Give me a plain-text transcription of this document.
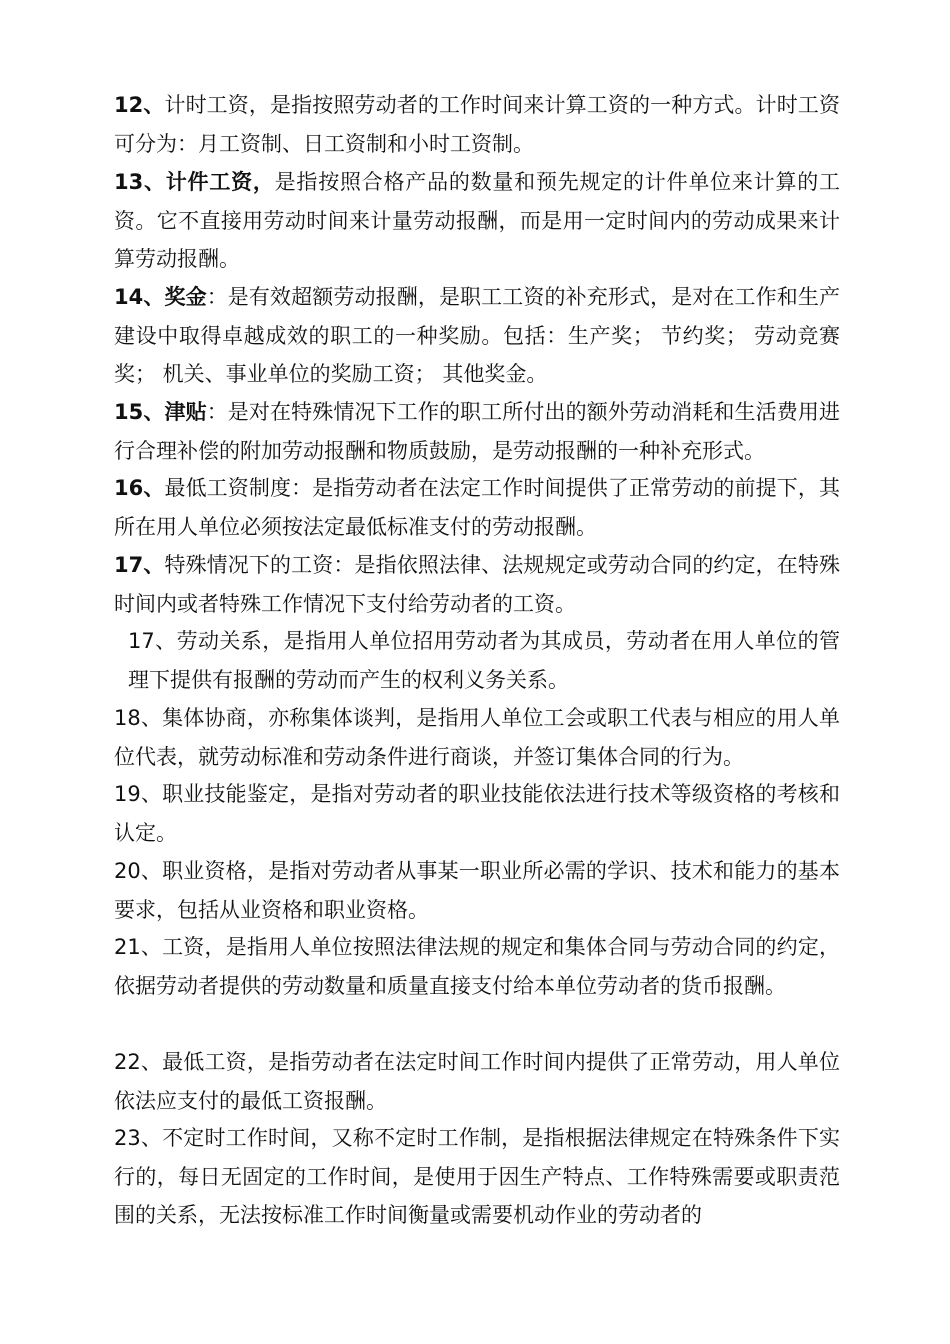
12、计时工资，是指按照劳动者的工作时间来计算工资的一种方式。计时工资可分为：月工资制、日工资制和小时工资制。

13、计件工资，是指按照合格产品的数量和预先规定的计件单位来计算的工资。它不直接用劳动时间来计量劳动报酬，而是用一定时间内的劳动成果来计算劳动报酬。

14、奖金：是有效超额劳动报酬，是职工工资的补充形式，是对在工作和生产建设中取得卓越成效的职工的一种奖励。包括：生产奖； 节约奖； 劳动竞赛奖； 机关、事业单位的奖励工资； 其他奖金。

15、津贴：是对在特殊情况下工作的职工所付出的额外劳动消耗和生活费用进行合理补偿的附加劳动报酬和物质鼓励，是劳动报酬的一种补充形式。

16、最低工资制度：是指劳动者在法定工作时间提供了正常劳动的前提下，其所在用人单位必须按法定最低标准支付的劳动报酬。

17、特殊情况下的工资：是指依照法律、法规规定或劳动合同的约定，在特殊时间内或者特殊工作情况下支付给劳动者的工资。

17、劳动关系，是指用人单位招用劳动者为其成员，劳动者在用人单位的管理下提供有报酬的劳动而产生的权利义务关系。

18、集体协商，亦称集体谈判，是指用人单位工会或职工代表与相应的用人单位代表，就劳动标准和劳动条件进行商谈，并签订集体合同的行为。

19、职业技能鉴定，是指对劳动者的职业技能依法进行技术等级资格的考核和认定。

20、职业资格，是指对劳动者从事某一职业所必需的学识、技术和能力的基本要求，包括从业资格和职业资格。

21、工资，是指用人单位按照法律法规的规定和集体合同与劳动合同的约定，依据劳动者提供的劳动数量和质量直接支付给本单位劳动者的货币报酬。

22、最低工资，是指劳动者在法定时间工作时间内提供了正常劳动，用人单位依法应支付的最低工资报酬。

23、不定时工作时间，又称不定时工作制，是指根据法律规定在特殊条件下实行的，每日无固定的工作时间，是使用于因生产特点、工作特殊需要或职责范围的关系，无法按标准工作时间衡量或需要机动作业的劳动者的
